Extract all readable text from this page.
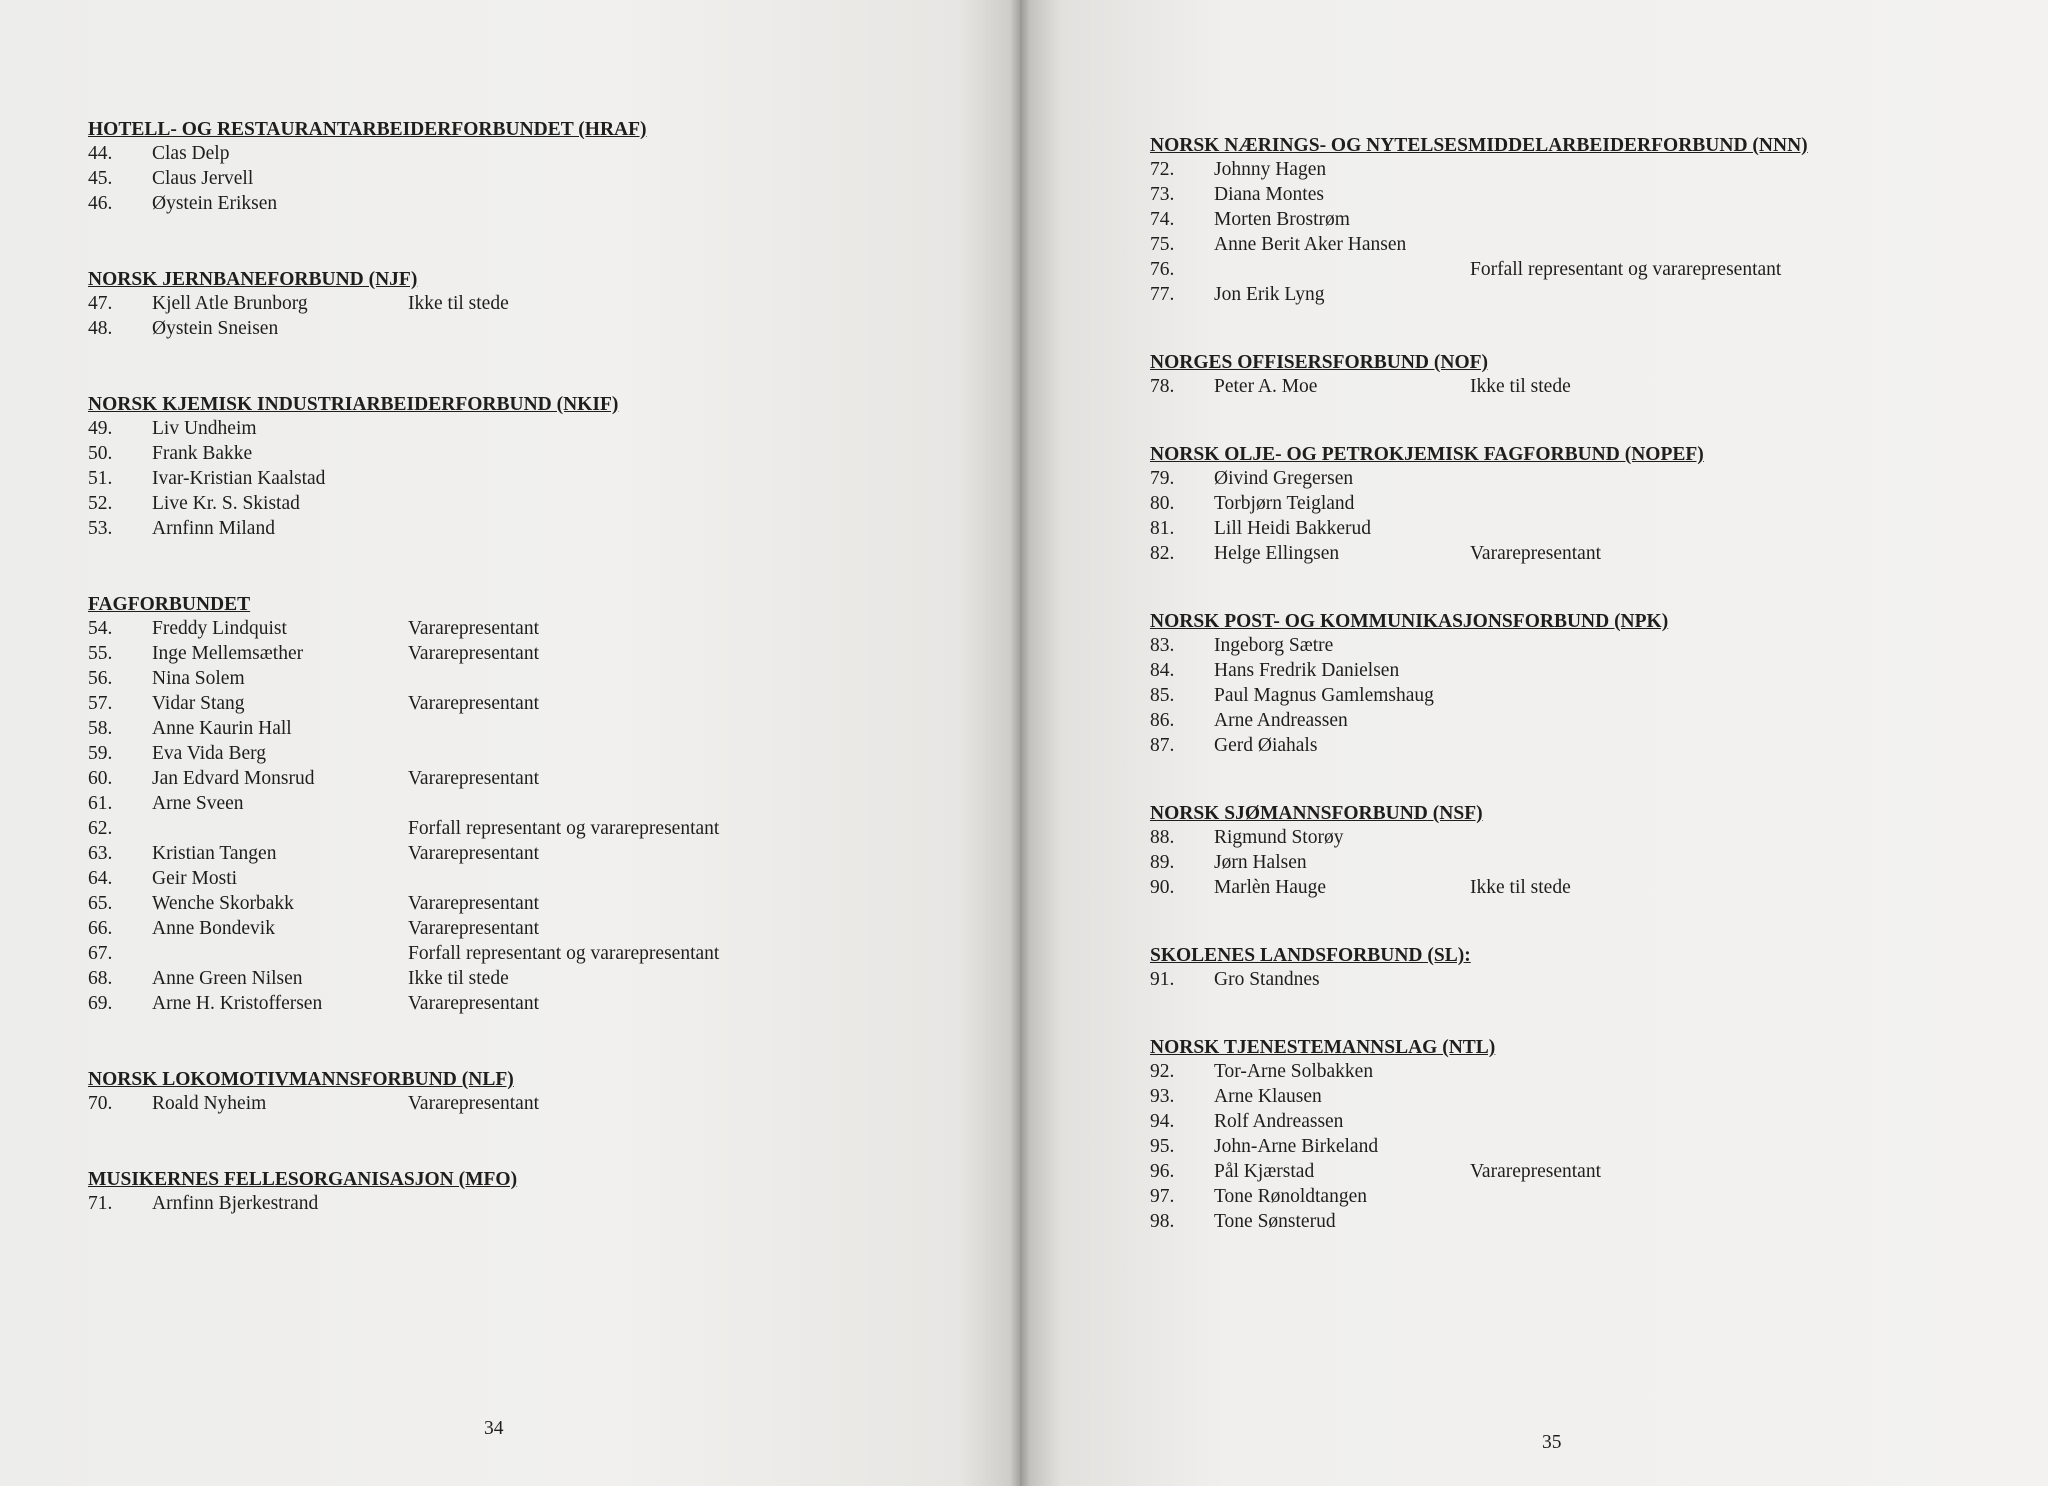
HOTELL- OG RESTAURANTARBEIDERFORBUNDET (HRAF)
44. Clas Delp
45. Claus Jervell
46. Øystein Eriksen
NORSK JERNBANEFORBUND (NJF)
47. Kjell Atle Brunborg	Ikke til stede
48. Øystein Sneisen
NORSK KJEMISK INDUSTRIARBEIDERFORBUND (NKIF)
49. Liv Undheim
50. Frank Bakke
51. Ivar-Kristian Kaalstad
52. Live Kr. S. Skistad
53. Arnfinn Miland
FAGFORBUNDET
54. Freddy Lindquist	Vararepresentant
55. Inge Mellemsæther	Vararepresentant
56. Nina Solem
57. Vidar Stang	Vararepresentant
58. Anne Kaurin Hall
59. Eva Vida Berg
60. Jan Edvard Monsrud	Vararepresentant
61. Arne Sveen
62.	Forfall representant og vararepresentant
63. Kristian Tangen	Vararepresentant
64. Geir Mosti
65. Wenche Skorbakk	Vararepresentant
66. Anne Bondevik	Vararepresentant
67.	Forfall representant og vararepresentant
68. Anne Green Nilsen	Ikke til stede
69. Arne H. Kristoffersen	Vararepresentant
NORSK LOKOMOTIVMANNSFORBUND (NLF)
70. Roald Nyheim	Vararepresentant
MUSIKERNES FELLESORGANISASJON (MFO)
71. Arnfinn Bjerkestrand
34
35
NORSK NÆRINGS- OG NYTELSESMIDDELARBEIDERFORBUND (NNN)
72. Johnny Hagen
73. Diana Montes
74. Morten Brostrøm
75. Anne Berit Aker Hansen
76.	Forfall representant og vararepresentant
77. Jon Erik Lyng
NORGES OFFISERSFORBUND (NOF)
78. Peter A. Moe	Ikke til stede
NORSK OLJE- OG PETROKJEMISK FAGFORBUND (NOPEF)
79. Øivind Gregersen
80. Torbjørn Teigland
81. Lill Heidi Bakkerud
82. Helge Ellingsen	Vararepresentant
NORSK POST- OG KOMMUNIKASJONSFORBUND (NPK)
83. Ingeborg Sætre
84. Hans Fredrik Danielsen
85. Paul Magnus Gamlemshaug
86. Arne Andreassen
87. Gerd Øiahals
NORSK SJØMANNSFORBUND (NSF)
88. Rigmund Storøy
89. Jørn Halsen
90. Marlèn Hauge	Ikke til stede
SKOLENES LANDSFORBUND (SL):
91. Gro Standnes
NORSK TJENESTEMANNSLAG (NTL)
92. Tor-Arne Solbakken
93. Arne Klausen
94. Rolf Andreassen
95. John-Arne Birkeland
96. Pål Kjærstad	Vararepresentant
97. Tone Rønoldtangen
98. Tone Sønsterud
